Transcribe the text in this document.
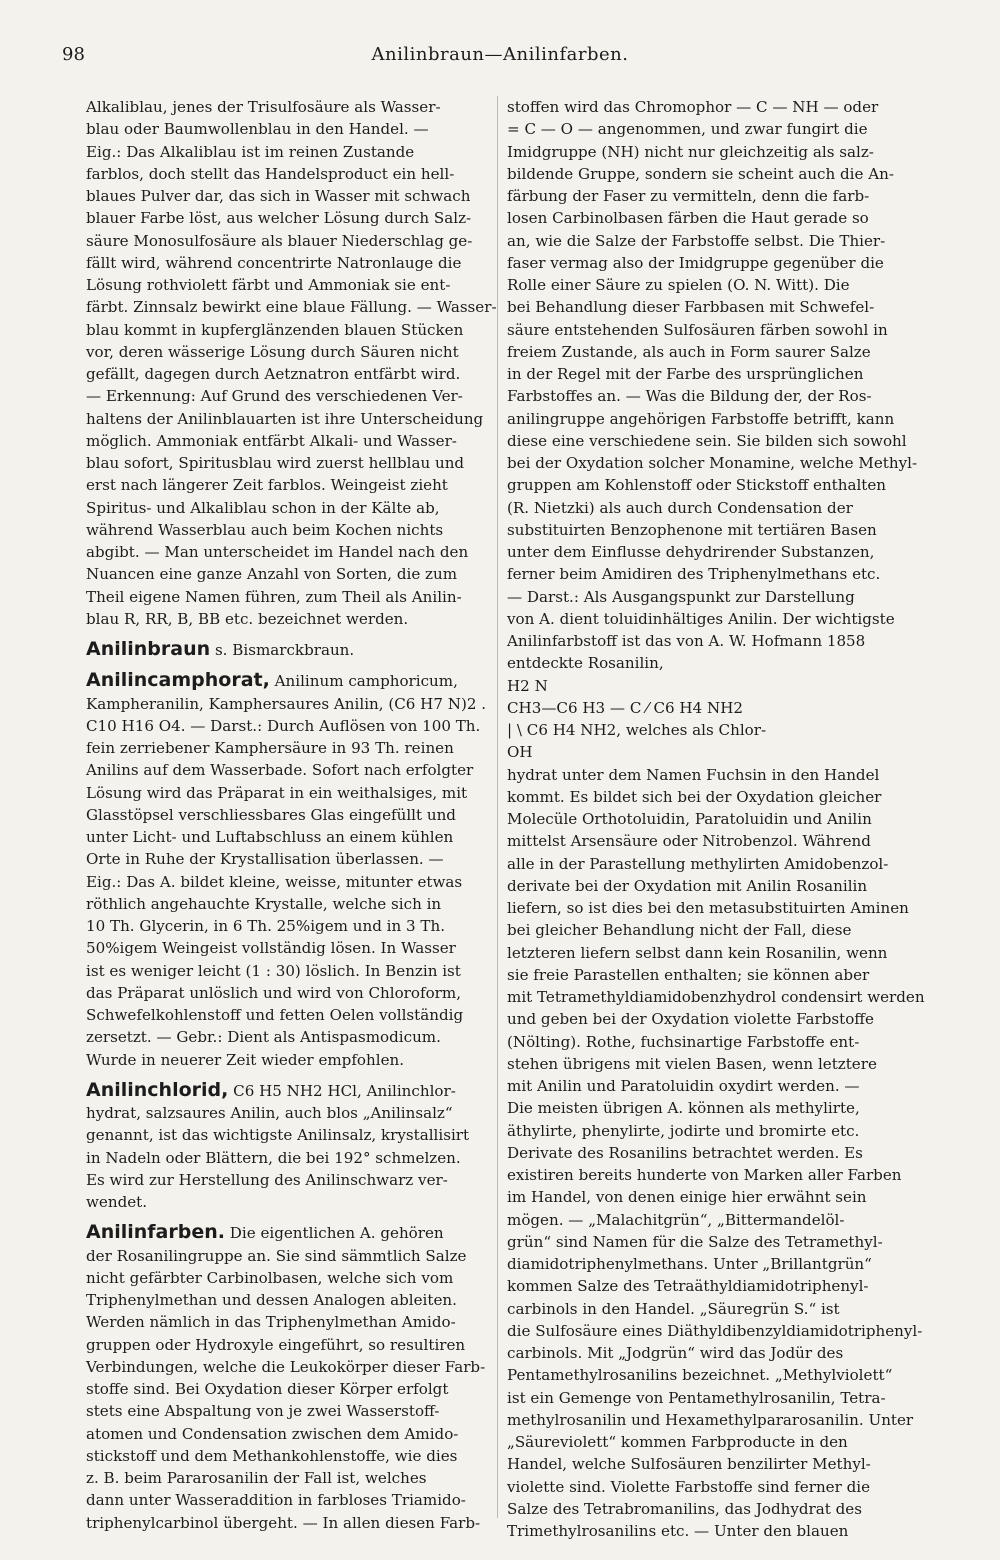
98	Anilinbraun—Anilinfarben.
Alkaliblau, jenes der Trisulfosäure als Wasser-
blau oder Baumwollenblau in den Handel. —
Eig.: Das Alkaliblau ist im reinen Zustande
farblos, doch stellt das Handelsproduct ein hell-
blaues Pulver dar, das sich in Wasser mit schwach
blauer Farbe löst, aus welcher Lösung durch Salz-
säure Monosulfosäure als blauer Niederschlag ge-
fällt wird, während concentrirte Natronlauge die
Lösung rothviolett färbt und Ammoniak sie ent-
färbt. Zinnsalz bewirkt eine blaue Fällung. — Wasser-
blau kommt in kupferglänzenden blauen Stücken
vor, deren wässerige Lösung durch Säuren nicht
gefällt, dagegen durch Aetznatron entfärbt wird.
— Erkennung: Auf Grund des verschiedenen Ver-
haltens der Anilinblauarten ist ihre Unterscheidung
möglich. Ammoniak entfärbt Alkali- und Wasser-
blau sofort, Spiritusblau wird zuerst hellblau und
erst nach längerer Zeit farblos. Weingeist zieht
Spiritus- und Alkaliblau schon in der Kälte ab,
während Wasserblau auch beim Kochen nichts
abgibt. — Man unterscheidet im Handel nach den
Nuancen eine ganze Anzahl von Sorten, die zum
Theil eigene Namen führen, zum Theil als Anilin-
blau R, RR, B, BB etc. bezeichnet werden.
Anilinbraun s. Bismarckbraun.
Anilincamphorat, Anilinum camphoricum,
Kampheranilin, Kamphersaures Anilin, (C6 H7 N)2 .
C10 H16 O4. — Darst.: Durch Auflösen von 100 Th.
fein zerriebener Kamphersäure in 93 Th. reinen
Anilins auf dem Wasserbade. Sofort nach erfolgter
Lösung wird das Präparat in ein weithalsiges, mit
Glasstöpsel verschliessbares Glas eingefüllt und
unter Licht- und Luftabschluss an einem kühlen
Orte in Ruhe der Krystallisation überlassen. —
Eig.: Das A. bildet kleine, weisse, mitunter etwas
röthlich angehauchte Krystalle, welche sich in
10 Th. Glycerin, in 6 Th. 25%igem und in 3 Th.
50%igem Weingeist vollständig lösen. In Wasser
ist es weniger leicht (1 : 30) löslich. In Benzin ist
das Präparat unlöslich und wird von Chloroform,
Schwefelkohlenstoff und fetten Oelen vollständig
zersetzt. — Gebr.: Dient als Antispasmodicum.
Wurde in neuerer Zeit wieder empfohlen.
Anilinchlorid, C6 H5 NH2 HCl, Anilinchlor-
hydrat, salzsaures Anilin, auch blos „Anilinsalz“
genannt, ist das wichtigste Anilinsalz, krystallisirt
in Nadeln oder Blättern, die bei 192° schmelzen.
Es wird zur Herstellung des Anilinschwarz ver-
wendet.
Anilinfarben. Die eigentlichen A. gehören
der Rosanilingruppe an. Sie sind sämmtlich Salze
nicht gefärbter Carbinolbasen, welche sich vom
Triphenylmethan und dessen Analogen ableiten.
Werden nämlich in das Triphenylmethan Amido-
gruppen oder Hydroxyle eingeführt, so resultiren
Verbindungen, welche die Leukokörper dieser Farb-
stoffe sind. Bei Oxydation dieser Körper erfolgt
stets eine Abspaltung von je zwei Wasserstoff-
atomen und Condensation zwischen dem Amido-
stickstoff und dem Methankohlenstoffe, wie dies
z. B. beim Pararosanilin der Fall ist, welches
dann unter Wasseraddition in farbloses Triamido-
triphenylcarbinol übergeht. — In allen diesen Farb-
stoffen wird das Chromophor — C — NH — oder
= C — O — angenommen, und zwar fungirt die
Imidgruppe (NH) nicht nur gleichzeitig als salz-
bildende Gruppe, sondern sie scheint auch die An-
färbung der Faser zu vermitteln, denn die farb-
losen Carbinolbasen färben die Haut gerade so
an, wie die Salze der Farbstoffe selbst. Die Thier-
faser vermag also der Imidgruppe gegenüber die
Rolle einer Säure zu spielen (O. N. Witt). Die
bei Behandlung dieser Farbbasen mit Schwefel-
säure entstehenden Sulfosäuren färben sowohl in
freiem Zustande, als auch in Form saurer Salze
in der Regel mit der Farbe des ursprünglichen
Farbstoffes an. — Was die Bildung der, der Ros-
anilingruppe angehörigen Farbstoffe betrifft, kann
diese eine verschiedene sein. Sie bilden sich sowohl
bei der Oxydation solcher Monamine, welche Methyl-
gruppen am Kohlenstoff oder Stickstoff enthalten
(R. Nietzki) als auch durch Condensation der
substituirten Benzophenone mit tertiären Basen
unter dem Einflusse dehydrirender Substanzen,
ferner beim Amidiren des Triphenylmethans etc.
— Darst.: Als Ausgangspunkt zur Darstellung
von A. dient toluidinhältiges Anilin. Der wichtigste
Anilinfarbstoff ist das von A. W. Hofmann 1858
entdeckte Rosanilin,
H2 N
CH3—C6 H3 — C ⁄ C6 H4 NH2
| \ C6 H4 NH2, welches als Chlor-
OH
hydrat unter dem Namen Fuchsin in den Handel
kommt. Es bildet sich bei der Oxydation gleicher
Molecüle Orthotoluidin, Paratoluidin und Anilin
mittelst Arsensäure oder Nitrobenzol. Während
alle in der Parastellung methylirten Amidobenzol-
derivate bei der Oxydation mit Anilin Rosanilin
liefern, so ist dies bei den metasubstituirten Aminen
bei gleicher Behandlung nicht der Fall, diese
letzteren liefern selbst dann kein Rosanilin, wenn
sie freie Parastellen enthalten; sie können aber
mit Tetramethyldiamidobenzhydrol condensirt werden
und geben bei der Oxydation violette Farbstoffe
(Nölting). Rothe, fuchsinartige Farbstoffe ent-
stehen übrigens mit vielen Basen, wenn letztere
mit Anilin und Paratoluidin oxydirt werden. —
Die meisten übrigen A. können als methylirte,
äthylirte, phenylirte, jodirte und bromirte etc.
Derivate des Rosanilins betrachtet werden. Es
existiren bereits hunderte von Marken aller Farben
im Handel, von denen einige hier erwähnt sein
mögen. — „Malachitgrün“, „Bittermandelöl-
grün“ sind Namen für die Salze des Tetramethyl-
diamidotriphenylmethans. Unter „Brillantgrün“
kommen Salze des Tetraäthyldiamidotriphenyl-
carbinols in den Handel. „Säuregrün S.“ ist
die Sulfosäure eines Diäthyldibenzyldiamidotriphenyl-
carbinols. Mit „Jodgrün“ wird das Jodür des
Pentamethylrosanilins bezeichnet. „Methylviolett“
ist ein Gemenge von Pentamethylrosanilin, Tetra-
methylrosanilin und Hexamethylpararosanilin. Unter
„Säureviolett“ kommen Farbproducte in den
Handel, welche Sulfosäuren benzilirter Methyl-
violette sind. Violette Farbstoffe sind ferner die
Salze des Tetrabromanilins, das Jodhydrat des
Trimethylrosanilins etc. — Unter den blauen
